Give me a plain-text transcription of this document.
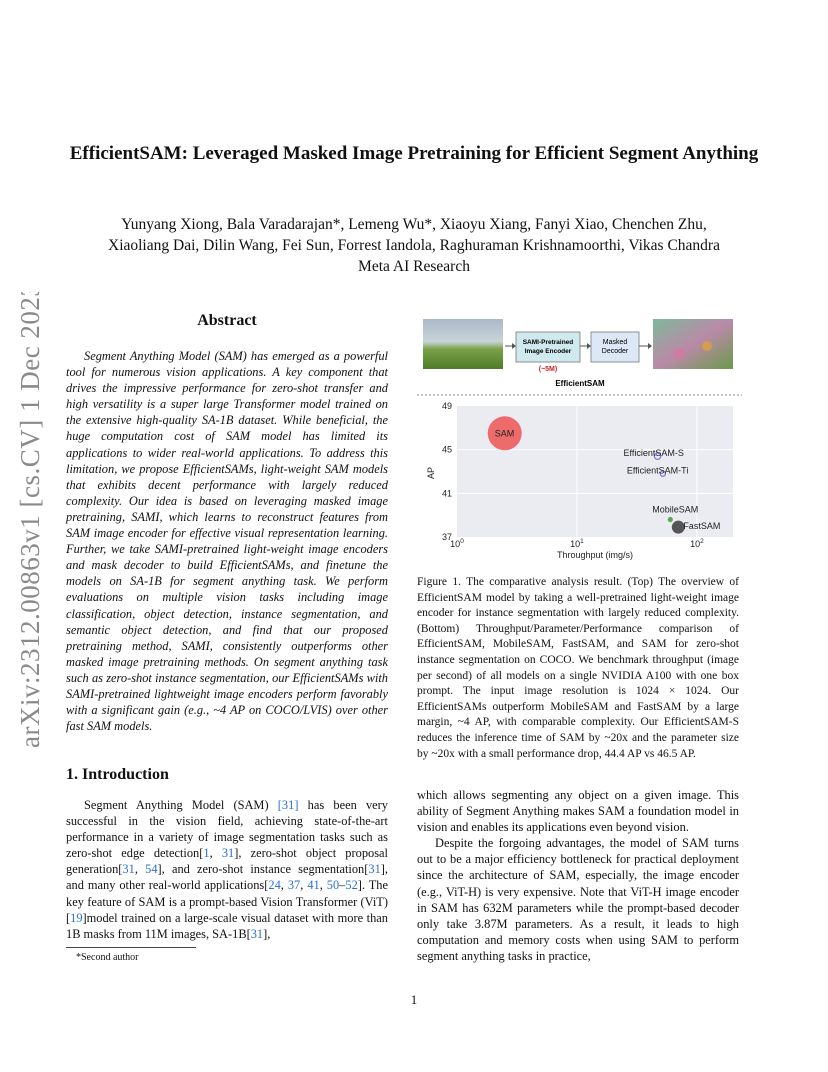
EfficientSAM: Leveraged Masked Image Pretraining for Efficient Segment Anything
Yunyang Xiong, Bala Varadarajan*, Lemeng Wu*, Xiaoyu Xiang, Fanyi Xiao, Chenchen Zhu,
Xiaoliang Dai, Dilin Wang, Fei Sun, Forrest Iandola, Raghuraman Krishnamoorthi, Vikas Chandra
Meta AI Research
arXiv:2312.00863v1 [cs.CV] 1 Dec 2023	Abstract
Segment Anything Model (SAM) has emerged as a powerful tool for numerous vision applications. A key component that drives the impressive performance for zero-shot transfer and high versatility is a super large Transformer model trained on the extensive high-quality SA-1B dataset. While beneficial, the huge computation cost of SAM model has limited its applications to wider real-world applications. To address this limitation, we propose EfficientSAMs, light-weight SAM models that exhibits decent performance with largely reduced complexity. Our idea is based on leveraging masked image pretraining, SAMI, which learns to reconstruct features from SAM image encoder for effective visual representation learning. Further, we take SAMI-pretrained light-weight image encoders and mask decoder to build EfficientSAMs, and finetune the models on SA-1B for segment anything task. We perform evaluations on multiple vision tasks including image classification, object detection, instance segmentation, and semantic object detection, and find that our proposed pretraining method, SAMI, consistently outperforms other masked image pretraining methods. On segment anything task such as zero-shot instance segmentation, our EfficientSAMs with SAMI-pretrained lightweight image encoders perform favorably with a significant gain (e.g., ~4 AP on COCO/LVIS) over other fast SAM models.
1. Introduction
Segment Anything Model (SAM) [31] has been very successful in the vision field, achieving state-of-the-art performance in a variety of image segmentation tasks such as zero-shot edge detection[1, 31], zero-shot object proposal generation[31, 54], and zero-shot instance segmentation[31], and many other real-world applications[24, 37, 41, 50–52]. The key feature of SAM is a prompt-based Vision Transformer (ViT)[19]model trained on a large-scale visual dataset with more than 1B masks from 11M images, SA-1B[31],
*Second author

which allows segmenting any object on a given image. This ability of Segment Anything makes SAM a foundation model in vision and enables its applications even beyond vision.

Despite the forgoing advantages, the model of SAM turns out to be a major efficiency bottleneck for practical deployment since the architecture of SAM, especially, the image encoder (e.g., ViT-H) is very expensive. Note that ViT-H image encoder in SAM has 632M parameters while the prompt-based decoder only take 3.87M parameters. As a result, it leads to high computation and memory costs when using SAM to perform segment anything tasks in practice,

SAMI-Pretrained
Image Encoder
(~5M)
Masked
Decoder
EfficientSAM
37
41
45
49
$10^0$	$10^1$	$10^2$
SAM
EfficientSAM-S
EfficientSAM-Ti
MobileSAM
FastSAM
Throughput (img/s)
AP
Figure 1. The comparative analysis result. (Top) The overview of EfficientSAM model by taking a well-pretrained light-weight image encoder for instance segmentation with largely reduced complexity. (Bottom) Throughput/Parameter/Performance comparison of EfficientSAM, MobileSAM, FastSAM, and SAM for zero-shot instance segmentation on COCO. We benchmark throughput (image per second) of all models on a single NVIDIA A100 with one box prompt. The input image resolution is 1024 × 1024. Our EfficientSAMs outperform MobileSAM and FastSAM by a large margin, ~4 AP, with comparable complexity. Our EfficientSAM-S reduces the inference time of SAM by ~20x and the parameter size by ~20x with a small performance drop, 44.4 AP vs 46.5 AP.
1
